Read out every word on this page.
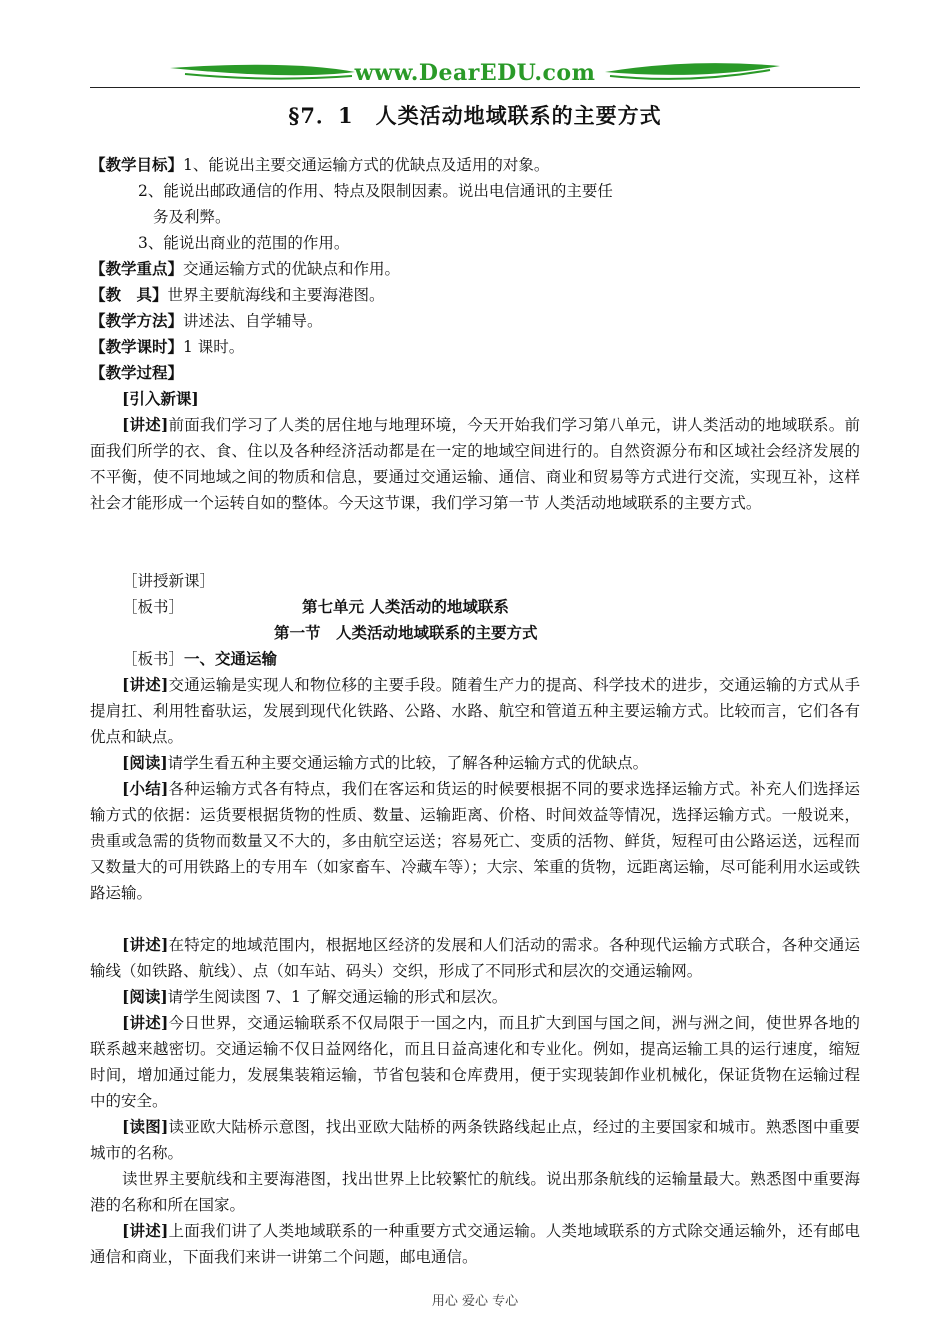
www.DearEDU.com
§7．1　人类活动地域联系的主要方式
【教学目标】1、能说出主要交通运输方式的优缺点及适用的对象。
2、能说出邮政通信的作用、特点及限制因素。说出电信通讯的主要任
务及利弊。
3、能说出商业的范围的作用。
【教学重点】交通运输方式的优缺点和作用。
【教　具】世界主要航海线和主要海港图。
【教学方法】讲述法、自学辅导。
【教学课时】1 课时。
【教学过程】
[引入新课]
[讲述]前面我们学习了人类的居住地与地理环境，今天开始我们学习第八单元，讲人类活动的地域联系。前面我们所学的衣、食、住以及各种经济活动都是在一定的地域空间进行的。自然资源分布和区域社会经济发展的不平衡，使不同地域之间的物质和信息，要通过交通运输、通信、商业和贸易等方式进行交流，实现互补，这样社会才能形成一个运转自如的整体。今天这节课，我们学习第一节 人类活动地域联系的主要方式。
［讲授新课］
［板书］	第七单元 人类活动的地域联系
第一节　人类活动地域联系的主要方式
［板书］一、交通运输
[讲述]交通运输是实现人和物位移的主要手段。随着生产力的提高、科学技术的进步，交通运输的方式从手提肩扛、利用牲畜驮运，发展到现代化铁路、公路、水路、航空和管道五种主要运输方式。比较而言，它们各有优点和缺点。
[阅读]请学生看五种主要交通运输方式的比较，了解各种运输方式的优缺点。
[小结]各种运输方式各有特点，我们在客运和货运的时候要根据不同的要求选择运输方式。补充人们选择运输方式的依据：运货要根据货物的性质、数量、运输距离、价格、时间效益等情况，选择运输方式。一般说来，贵重或急需的货物而数量又不大的，多由航空运送；容易死亡、变质的活物、鲜货，短程可由公路运送，远程而又数量大的可用铁路上的专用车（如家畜车、冷藏车等）；大宗、笨重的货物，远距离运输，尽可能利用水运或铁路运输。
[讲述]在特定的地域范围内，根据地区经济的发展和人们活动的需求。各种现代运输方式联合，各种交通运输线（如铁路、航线）、点（如车站、码头）交织，形成了不同形式和层次的交通运输网。
[阅读]请学生阅读图 7、1 了解交通运输的形式和层次。
[讲述]今日世界，交通运输联系不仅局限于一国之内，而且扩大到国与国之间，洲与洲之间，使世界各地的联系越来越密切。交通运输不仅日益网络化，而且日益高速化和专业化。例如，提高运输工具的运行速度，缩短时间，增加通过能力，发展集装箱运输，节省包装和仓库费用，便于实现装卸作业机械化，保证货物在运输过程中的安全。
[读图]读亚欧大陆桥示意图，找出亚欧大陆桥的两条铁路线起止点，经过的主要国家和城市。熟悉图中重要城市的名称。
读世界主要航线和主要海港图，找出世界上比较繁忙的航线。说出那条航线的运输量最大。熟悉图中重要海港的名称和所在国家。
[讲述]上面我们讲了人类地域联系的一种重要方式交通运输。人类地域联系的方式除交通运输外，还有邮电通信和商业，下面我们来讲一讲第二个问题，邮电通信。
用心 爱心 专心
